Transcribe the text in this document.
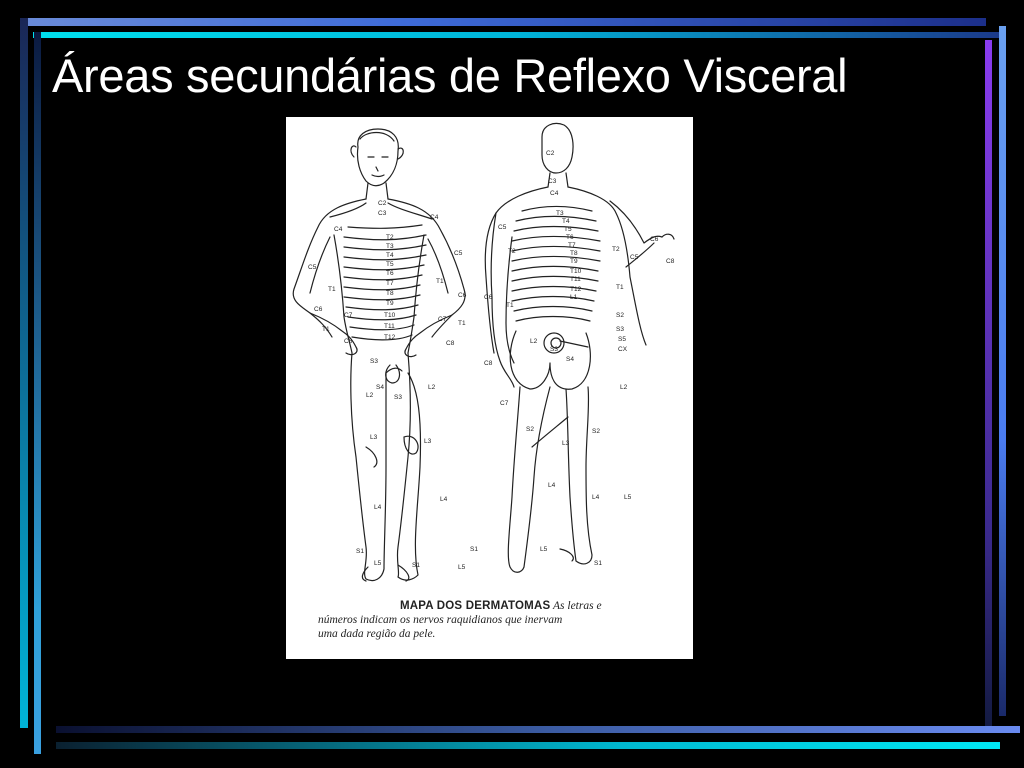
Áreas secundárias de Reflexo Visceral
C2
C3
C4
C4
C5
C5
C6
C6
C7
C7
C8	C8
T1
T1
T1
T1
T2
T3
T4
T5
T6
T7
T8
T9
T10
T11
T12
S3
S4
S3
L2
L2
L3
L3
L4
L4
L5
L5
S1
S1
S1
C2
C3
C4
C5
C5
C6
C6
C7
C8
C8
T1
T1
T2	T2
T3
T4
T5
T6
T7
T8
T9
T10
T11
T12
L1
L2
L2
L3
L4
L4
L5
L5
S1
S2
S2	S2
S3
S3
S4
S5
CX
MAPA DOS DERMATOMAS As letras e
números indicam os nervos raquidianos que inervam
uma dada região da pele.
